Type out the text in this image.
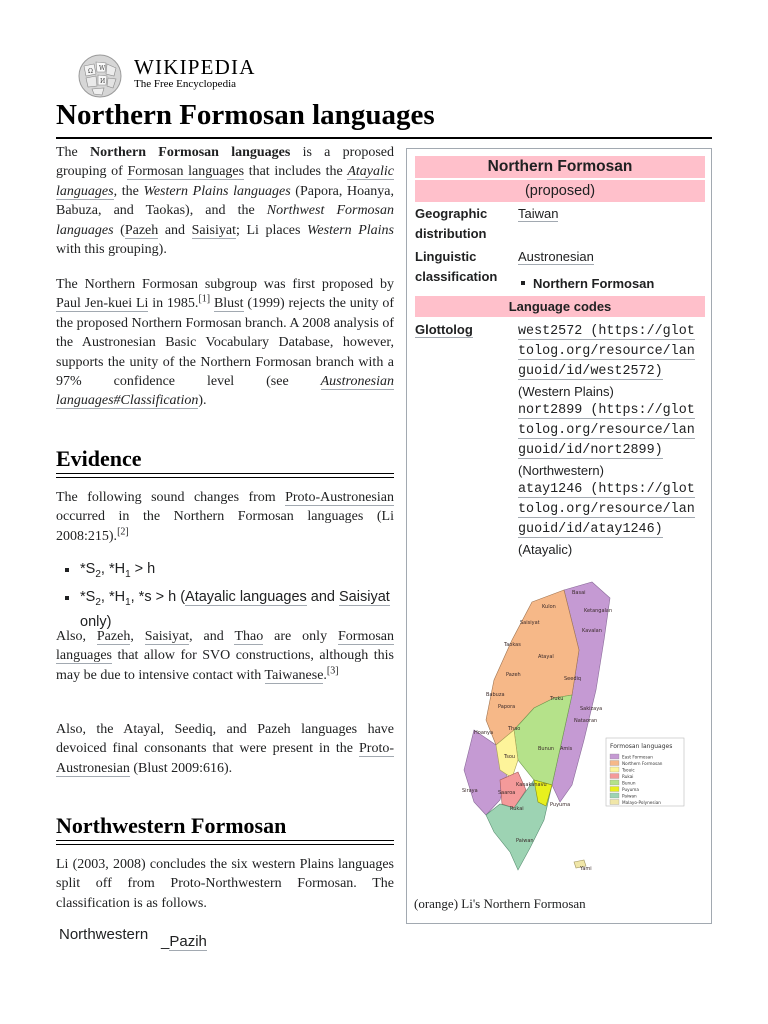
Ω W
И
WIKIPEDIA
The Free Encyclopedia
Northern Formosan languages

The Northern Formosan languages is a proposed grouping of Formosan languages that includes the Atayalic languages, the Western Plains languages (Papora, Hoanya, Babuza, and Taokas), and the Northwest Formosan languages (Pazeh and Saisiyat; Li places Western Plains with this grouping).

The Northern Formosan subgroup was first proposed by Paul Jen-kuei Li in 1985.[1] Blust (1999) rejects the unity of the proposed Northern Formosan branch. A 2008 analysis of the Austronesian Basic Vocabulary Database, however, supports the unity of the Northern Formosan branch with a 97% confidence level (see Austronesian languages#Classification).

Evidence

The following sound changes from Proto-Austronesian occurred in the Northern Formosan languages (Li 2008:215).[2]

$*S_2$, $*H_1 > h$
$*S_2$, $*H_1$, *s > h (Atayalic languages and Saisiyat only)

Also, Pazeh, Saisiyat, and Thao are only Formosan languages that allow for SVO constructions, although this may be due to intensive contact with Taiwanese.[3]

Also, the Atayal, Seediq, and Pazeh languages have devoiced final consonants that were present in the Proto-Austronesian (Blust 2009:616).

Northwestern Formosan

Li (2003, 2008) concludes the six western Plains languages split off from Proto-Northwestern Formosan. The classification is as follows.

Northwestern _Pazih
Northern Formosan
(proposed)
Geographic
distribution
Taiwan
Linguistic
classification
Austronesian
Northern Formosan
Language codes
Glottolog	west2572 (https://glot
tolog.org/resource/lan
guoid/id/west2572)
(Western Plains)
nort2899 (https://glot
tolog.org/resource/lan
guoid/id/nort2899)
(Northwestern)
atay1246 (https://glot
tolog.org/resource/lan
guoid/id/atay1246)
(Atayalic)
Formosan languages
East Formosan
Northern Formosan
Tsouic
Rukai
Bunun
Puyuma
Paiwan
Malayo-Polynesian
Basai
Ketangalan
Kulon
Kavalan
Saisiyat
Taokas
Atayal
Pazeh
Babuza
Seediq
Truku
Papora
Thao
Sakizaya
Hoanya
Tsou
Bunun
Nataoran
Amis
Kanakanavu
Saaroa
Siraya
Rukai
Paiwan
Yami
Puyuma
(orange) Li's Northern Formosan
